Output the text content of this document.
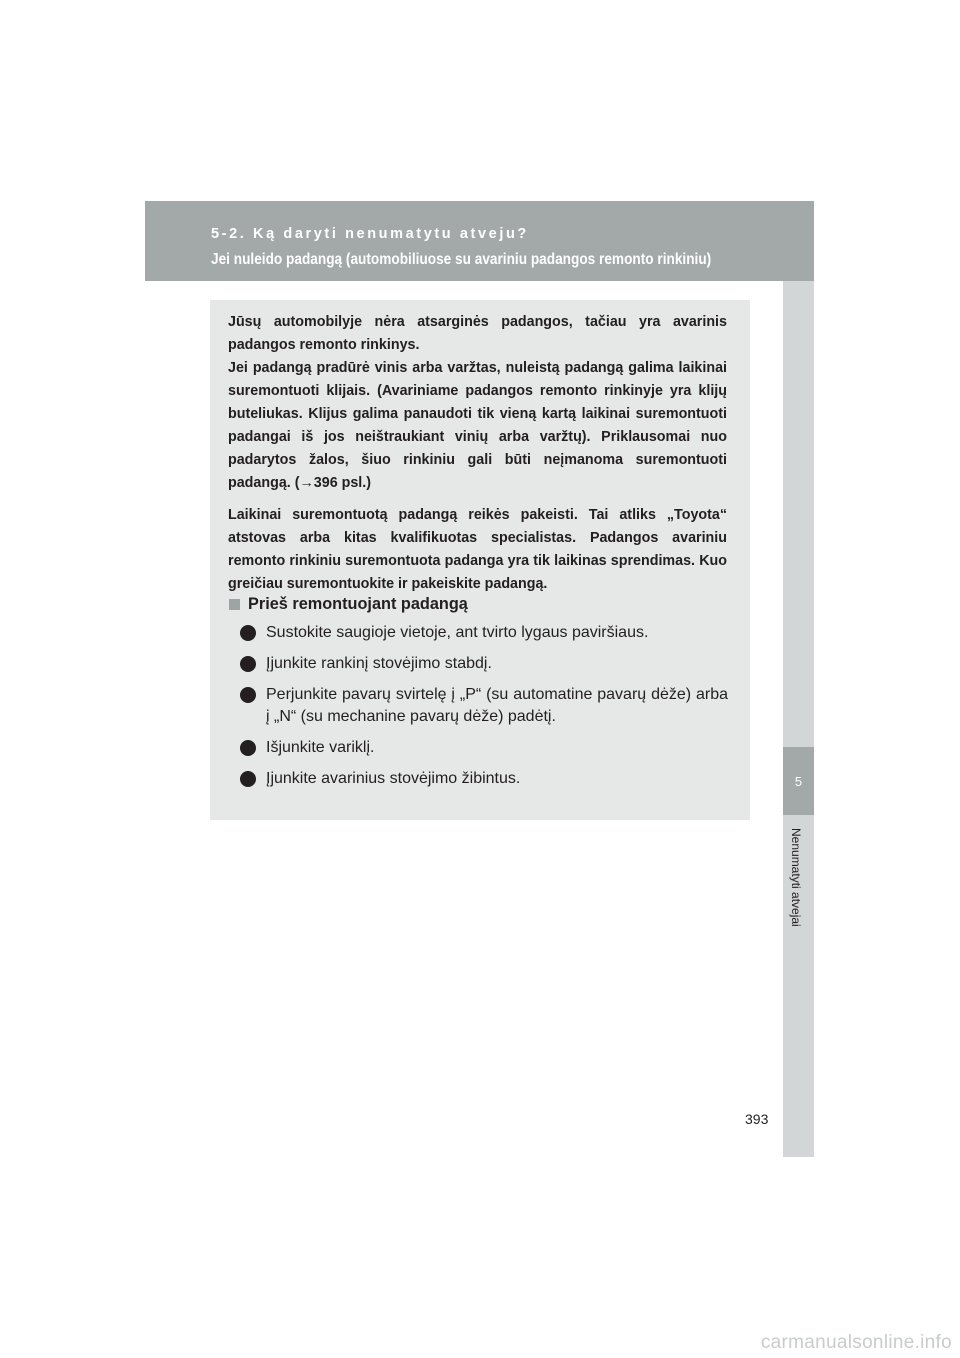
5-2. Ką daryti nenumatytu atveju?
Jei nuleido padangą (automobiliuose su avariniu padangos remonto rinkiniu)
5
Nenumatyti atvejai

Jūsų automobilyje nėra atsarginės padangos, tačiau yra avarinis padangos remonto rinkinys.

Jei padangą pradūrė vinis arba varžtas, nuleistą padangą galima laikinai suremontuoti klijais. (Avariniame padangos remonto rinkinyje yra klijų buteliukas. Klijus galima panaudoti tik vieną kartą laikinai suremontuoti padangai iš jos neištraukiant vinių arba varžtų). Priklausomai nuo padarytos žalos, šiuo rinkiniu gali būti neįmanoma suremontuoti padangą. (→396 psl.)

Laikinai suremontuotą padangą reikės pakeisti. Tai atliks „Toyota“ atstovas arba kitas kvalifikuotas specialistas. Padangos avariniu remonto rinkiniu suremontuota padanga yra tik laikinas sprendimas. Kuo greičiau suremontuokite ir pakeiskite padangą.

Prieš remontuojant padangą
Sustokite saugioje vietoje, ant tvirto lygaus paviršiaus.
Įjunkite rankinį stovėjimo stabdį.
Perjunkite pavarų svirtelę į „P“ (su automatine pavarų dėže) arba į „N“ (su mechanine pavarų dėže) padėtį.
Išjunkite variklį.
Įjunkite avarinius stovėjimo žibintus.
393
carmanualsonline.info
